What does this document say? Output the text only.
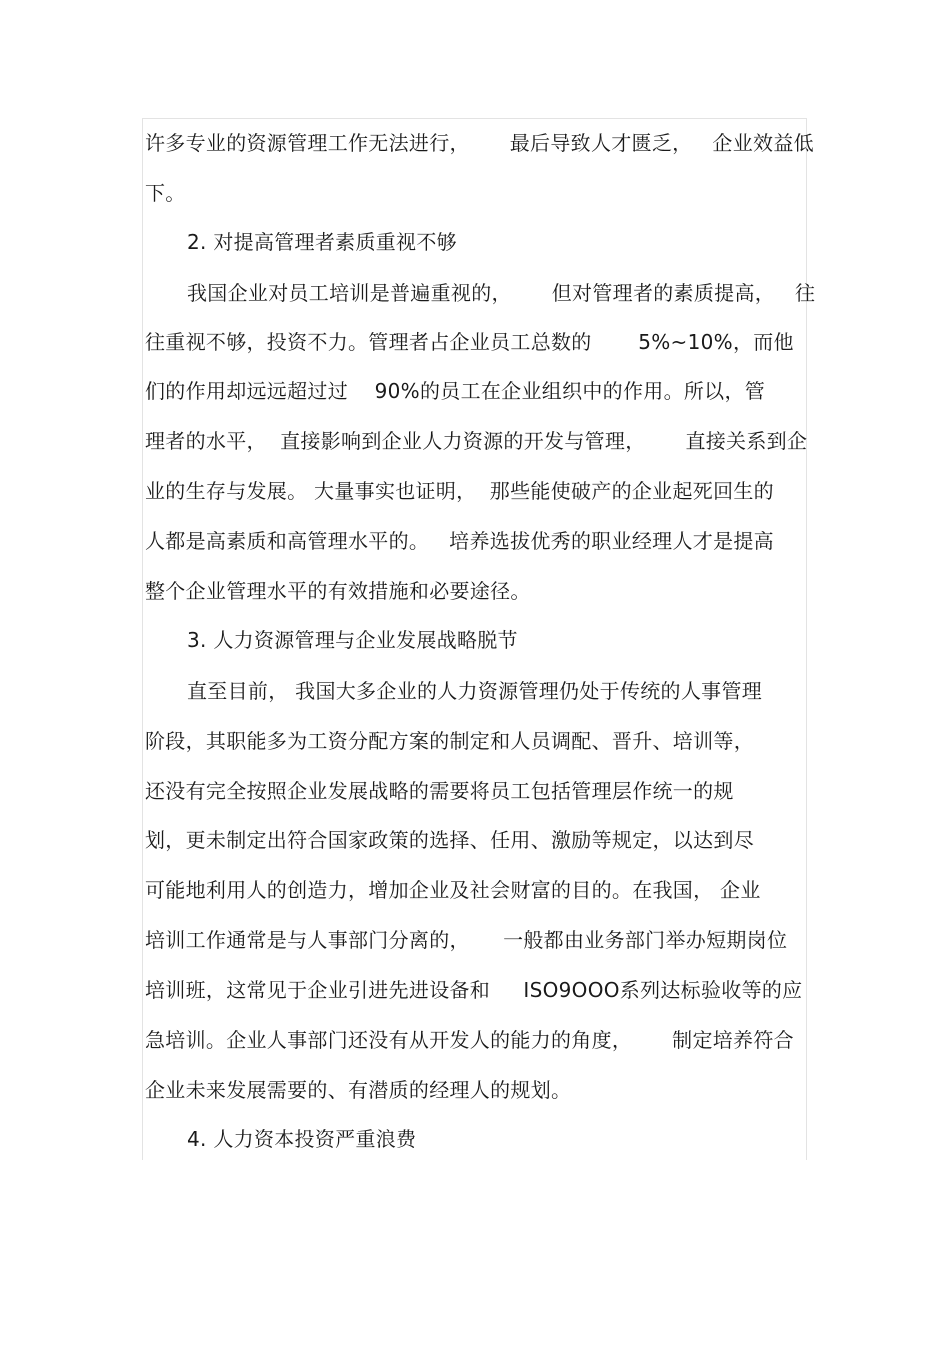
许多专业的资源管理工作无法进行，      最后导致人才匮乏，   企业效益低
下。
2. 对提高管理者素质重视不够
我国企业对员工培训是普遍重视的，      但对管理者的素质提高，   往
往重视不够，投资不力。管理者占企业员工总数的       5%~10%，而他
们的作用却远远超过过    90%的员工在企业组织中的作用。所以，管
理者的水平，  直接影响到企业人力资源的开发与管理，      直接关系到企
业的生存与发展。 大量事实也证明，  那些能使破产的企业起死回生的
人都是高素质和高管理水平的。   培养选拔优秀的职业经理人才是提高
整个企业管理水平的有效措施和必要途径。
3. 人力资源管理与企业发展战略脱节
直至目前， 我国大多企业的人力资源管理仍处于传统的人事管理
阶段，其职能多为工资分配方案的制定和人员调配、晋升、培训等，
还没有完全按照企业发展战略的需要将员工包括管理层作统一的规
划，更未制定出符合国家政策的选择、任用、激励等规定，以达到尽
可能地利用人的创造力，增加企业及社会财富的目的。在我国， 企业
培训工作通常是与人事部门分离的，     一般都由业务部门举办短期岗位
培训班，这常见于企业引进先进设备和     ISO9OOO系列达标验收等的应
急培训。企业人事部门还没有从开发人的能力的角度，      制定培养符合
企业未来发展需要的、有潜质的经理人的规划。
4. 人力资本投资严重浪费
